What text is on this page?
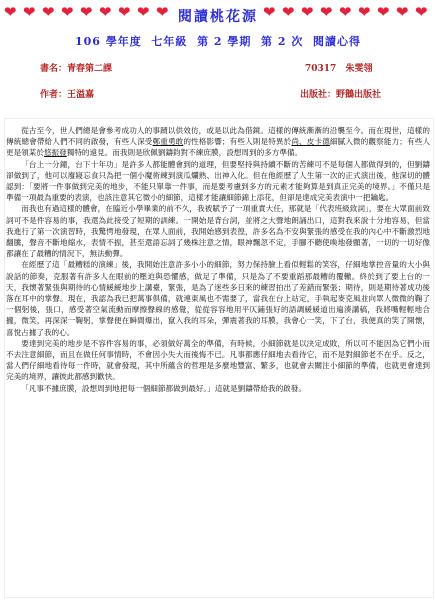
❤ ❤ ❤ ❤ ❤ ❤ ❤ ❤ ❤	❤ ❤ ❤ ❤ ❤ ❤ ❤ ❤ ❤
閱讀桃花源
106 學年度  七年級  第 2 學期  第 2 次  閱讀心得
書名：青春第二課	70317 朱雯翎
作者：王溢嘉	出版社：野鵝出版社

從古至今，世人們總是會參考成功人的事蹟以供效仿，或是以此為借鏡。這樣的傳統漸漸的沿襲至今。而在現世，這樣的傳統總會帶給人們不同的啟發，有些人深受鄭重勇敢的性格影響；有些人則是特異於尚、皮卡德細膩入微的觀察能力；有些人更是領某於悠振發獨特的遠見。而我則是欣佩劉鑄鈞對不練庶膜，設想周到的多方準備。

「台上一分鐘，台下十年功」是許多人都能體會到的道理，但要堅持與持續不斷的苦練可不是每個人都做得到的，但劉鑄卻做到了，他可以廢寢忘食只為把一個小魔術練到演瓜爛熟、出神入化。但在他經歷了人生第一次的正式演出後，他深切的體認到：「要將一件事做到完美的地步，不能只單靠一件事，而是要考慮到多方的元素才能夠算是到真正完美的境界。」不僅只是準備一項最為重要的表演，也該注意其它微小的細節，這樣才能讓細節錦上添花，但卻是達成完美表演中一把鑰匙。

而我也有過這樣的體會，在臨近小學畢業的前不久，我被賦予了一項重責大任，那就是「代表班級致詞」，要在大眾面前致詞可不是件容易的事，我還為此接受了短期的訓練。一開始是背台詞，並將之大聲地朗誦出口，這對我來說十分地容易，但當我進行了第一次演習時，我驚愕地發現，在眾人面前，我開始感到表徨，許多名為不安與緊張的感受在我的內心中不斷激烈地翻騰，聲音不斷地縮水，表情不振，甚至還語忘詞了幾株注意之情，眼神飄忽不定，手腳不聽使喚地發顫著，一切的一切好像都讓在了最糟的情況下，無法動彈。

在經歷了這「最糟糕的演練」後，我開始注意許多小小的細節，努力保持臉上看似輕鬆的笑容，仔細地掌控音量的大小與說話的節奏，克服著有許多人在眼前的壓迫與恐懼感，做足了準備，只是為了不要重蹈那最糟的覆轍。終於到了要上台的一天，我懷著緊張與期待的心情緩緩地步上講臺，緊張，是為了迷些多日來的練習拍出了差錯而緊張；期待，則是期待著成功後落在耳中的掌聲。現在，我認為我已把萬事俱備，就連東風也不需要了，當我在台上站定，手執起麥克風並向眾人微微的鞠了一個躬後，張口，感受著空氣流動而摩擦聲線的感覺，從從容容地用平仄鋪張好的語調緩緩道出遍湊講稿，我將嘴輕輕地合攏，微笑，再深深一鞠躬，掌聲便在瞬間爆出，竄入我的耳朵，彈震著我的耳膜，我會心一笑，下了台，我便真的笑了開懷，喜悅占據了我的心。

要達到完美的地步是不容件容易的事，必須做好萬全的準備，有時候，小細節就是以決定成敗，所以可不能因為它們小而不去注意細節，而且在做任何事情時，不會因小失大而後悔不已。凡事都應仔細地去看待它，而不是對細節老不在乎。反之，當人們仔細地看待每一件時，就會發現，其中所蘊含的哲理是多麼地豐富、繁多，也就會去關注小細節的準備，也就更會達到完美的境界，讓彼此都感到歡快。

「凡事不據庶膜，設想周到地把每一個細節都做到最好。」這就是劉鑄帶給我的啟發。
